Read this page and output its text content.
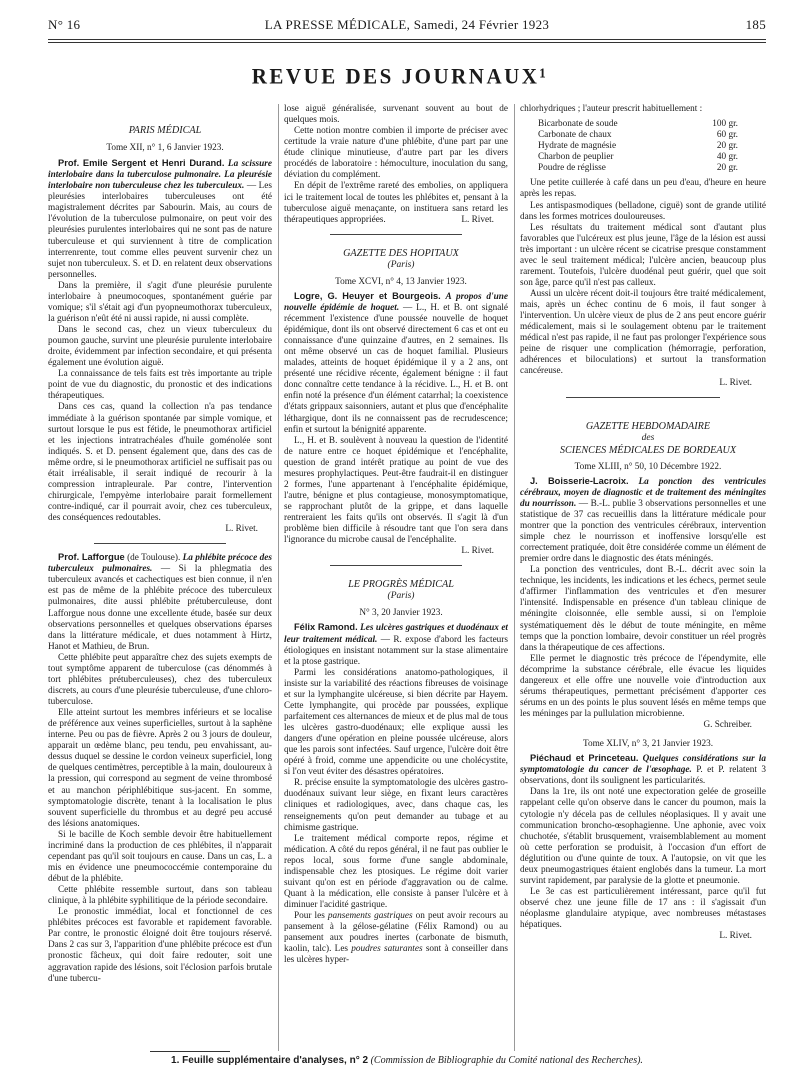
N° 16	LA PRESSE MÉDICALE, Samedi, 24 Février 1923	185
REVUE DES JOURNAUX¹

PARIS MÉDICAL

Tome XII, n° 1, 6 Janvier 1923.

Prof. Emile Sergent et Henri Durand. La scissure interlobaire dans la tuberculose pulmonaire. La pleurésie interlobaire non tuberculeuse chez les tuberculeux. — Les pleurésies interlobaires tuberculeuses ont été magistralement décrites par Sabourin. Mais, au cours de l'évolution de la tuberculose pulmonaire, on peut voir des pleurésies purulentes interlobaires qui ne sont pas de nature tuberculeuse et qui surviennent à titre de complication interrenrente, tout comme elles peuvent survenir chez un sujet non tuberculeux. S. et D. en relatent deux observations personnelles.

Dans la première, il s'agit d'une pleurésie purulente interlobaire à pneumocoques, spontanément guérie par vomique; s'il s'était agi d'un pyopneumothorax tuberculeux, la guérison n'eût été ni aussi rapide, ni aussi complète.

Dans le second cas, chez un vieux tuberculeux du poumon gauche, survint une pleurésie purulente interlobaire droite, évidemment par infection secondaire, et qui présenta également une évolution aiguë.

La connaissance de tels faits est très importante au triple point de vue du diagnostic, du pronostic et des indications thérapeutiques.

Dans ces cas, quand la collection n'a pas tendance immédiate à la guérison spontanée par simple vomique, et surtout lorsque le pus est fétide, le pneumothorax artificiel et les injections intratrachéales d'huile goménolée sont indiqués. S. et D. pensent également que, dans des cas de même ordre, si le pneumothorax artificiel ne suffisait pas ou était irréalisable, il serait indiqué de recourir à la compression intrapleurale. Par contre, l'intervention chirurgicale, l'empyème interlobaire parait formellement contre-indiqué, car il pourrait avoir, chez ces tuberculeux, des conséquences redoutables.

L. Rivet.

Prof. Lafforgue (de Toulouse). La phlébite précoce des tuberculeux pulmonaires. — Si la phlegmatia des tuberculeux avancés et cachectiques est bien connue, il n'en est pas de même de la phlébite précoce des tuberculeux pulmonaires, dite aussi phlébite prétuberculeuse, dont Lafforgue nous donne une excellente étude, basée sur deux observations personnelles et quelques observations éparses dans la littérature médicale, et dues notamment à Hirtz, Hanot et Mathieu, de Brun.

Cette phlébite peut apparaître chez des sujets exempts de tout symptôme apparent de tuberculose (cas dénommés à tort phlébites prétuberculeuses), chez des tuberculeux discrets, au cours d'une pleurésie tuberculeuse, d'une chloro-tuberculose.

Elle atteint surtout les membres inférieurs et se localise de préférence aux veines superficielles, surtout à la saphène interne. Peu ou pas de fièvre. Après 2 ou 3 jours de douleur, apparait un œdème blanc, peu tendu, peu envahissant, au-dessus duquel se dessine le cordon veineux superficiel, long de quelques centimètres, perceptible à la main, douloureux à la pression, qui correspond au segment de veine thrombosé et au manchon périphlébitique sus-jacent. En somme, symptomatologie discrète, tenant à la localisation le plus souvent superficielle du thrombus et au degré peu accusé des lésions anatomiques.

Si le bacille de Koch semble devoir être habituellement incriminé dans la production de ces phlébites, il n'apparait cependant pas qu'il soit toujours en cause. Dans un cas, L. a mis en évidence une pneumococcémie contemporaine du début de la phlébite.

Cette phlébite ressemble surtout, dans son tableau clinique, à la phlébite syphilitique de la période secondaire.

Le pronostic immédiat, local et fonctionnel de ces phlébites précoces est favorable et rapidement favorable. Par contre, le pronostic éloigné doit être toujours réservé. Dans 2 cas sur 3, l'apparition d'une phlébite précoce est d'un pronostic fâcheux, qui doit faire redouter, soit une aggravation rapide des lésions, soit l'éclosion parfois brutale d'une tubercu-

lose aiguë généralisée, survenant souvent au bout de quelques mois.

Cette notion montre combien il importe de préciser avec certitude la vraie nature d'une phlébite, d'une part par une étude clinique minutieuse, d'autre part par les divers procédés de laboratoire : hémoculture, inoculation du sang, déviation du complément.

En dépit de l'extrême rareté des embolies, on appliquera ici le traitement local de toutes les phlébites et, pensant à la tuberculose aiguë menaçante, on instituera sans retard les thérapeutiques appropriées.	L. Rivet.

GAZETTE DES HOPITAUX

(Paris)

Tome XCVI, n° 4, 13 Janvier 1923.

Logre, G. Heuyer et Bourgeois. A propos d'une nouvelle épidémie de hoquet. — L., H. et B. ont signalé récemment l'existence d'une poussée nouvelle de hoquet épidémique, dont ils ont observé directement 6 cas et ont eu connaissance d'une quinzaine d'autres, en 2 semaines. Ils ont même observé un cas de hoquet familial. Plusieurs malades, atteints de hoquet épidémique il y a 2 ans, ont présenté une récidive récente, également bénigne : il faut donc connaître cette tendance à la récidive. L., H. et B. ont enfin noté la présence d'un élément catarrhal; la coexistence d'états grippaux saisonniers, autant et plus que d'encéphalite léthargique, dont ils ne connaissent pas de recrudescence; enfin et surtout la bénignité apparente.

L., H. et B. soulèvent à nouveau la question de l'identité de nature entre ce hoquet épidémique et l'encéphalite, question de grand intérêt pratique au point de vue des mesures prophylactiques. Peut-être faudrait-il en distinguer 2 formes, l'une appartenant à l'encéphalite épidémique, l'autre, bénigne et plus contagieuse, monosymptomatique, se rapprochant plutôt de la grippe, et dans laquelle rentreraient les faits qu'ils ont observés. Il s'agit là d'un problème bien difficile à résoudre tant que l'on sera dans l'ignorance du microbe causal de l'encéphalite.

L. Rivet.

LE PROGRÈS MÉDICAL

(Paris)

N° 3, 20 Janvier 1923.

Félix Ramond. Les ulcères gastriques et duodénaux et leur traitement médical. — R. expose d'abord les facteurs étiologiques en insistant notamment sur la stase alimentaire et la ptose gastrique.

Parmi les considérations anatomo-pathologiques, il insiste sur la variabilité des réactions fibreuses de voisinage et sur la lymphangite ulcéreuse, si bien décrite par Hayem. Cette lymphangite, qui procède par poussées, explique parfaitement ces alternances de mieux et de plus mal de tous les ulcères gastro-duodénaux; elle explique aussi les dangers d'une opération en pleine poussée ulcéreuse, alors que les parois sont infectées. Sauf urgence, l'ulcère doit être opéré à froid, comme une appendicite ou une cholécystite, si l'on veut éviter des désastres opératoires.

R. précise ensuite la symptomatologie des ulcères gastro-duodénaux suivant leur siège, en fixant leurs caractères cliniques et radiologiques, avec, dans chaque cas, les renseignements qu'on peut demander au tubage et au chimisme gastrique.

Le traitement médical comporte repos, régime et médication. A côté du repos général, il ne faut pas oublier le repos local, sous forme d'une sangle abdominale, indispensable chez les ptosiques. Le régime doit varier suivant qu'on est en période d'aggravation ou de calme. Quant à la médication, elle consiste à panser l'ulcère et à diminuer l'acidité gastrique.

Pour les pansements gastriques on peut avoir recours au pansement à la gélose-gélatine (Félix Ramond) ou au pansement aux poudres inertes (carbonate de bismuth, kaolin, talc). Les poudres saturantes sont à conseiller dans les ulcères hyper-

chlorhydriques ; l'auteur prescrit habituellement :

Bicarbonate de soude	100 gr.
Carbonate de chaux	60 gr.
Hydrate de magnésie	20 gr.
Charbon de peuplier	40 gr.
Poudre de réglisse	20 gr.

Une petite cuillerée à café dans un peu d'eau, d'heure en heure après les repas.

Les antispasmodiques (belladone, ciguë) sont de grande utilité dans les formes motrices douloureuses.

Les résultats du traitement médical sont d'autant plus favorables que l'ulcéreux est plus jeune, l'âge de la lésion est aussi très important : un ulcère récent se cicatrise presque constamment avec le seul traitement médical; l'ulcère ancien, beaucoup plus rarement. Toutefois, l'ulcère duodénal peut guérir, quel que soit son âge, parce qu'il n'est pas calleux.

Aussi un ulcère récent doit-il toujours être traité médicalement, mais, après un échec continu de 6 mois, il faut songer à l'intervention. Un ulcère vieux de plus de 2 ans peut encore guérir médicalement, mais si le soulagement obtenu par le traitement médical n'est pas rapide, il ne faut pas prolonger l'expérience sous peine de risquer une complication (hémorragie, perforation, adhérences et biloculations) et surtout la transformation cancéreuse.

L. Rivet.

GAZETTE HEBDOMADAIRE

des

SCIENCES MÉDICALES DE BORDEAUX

Tome XLIII, n° 50, 10 Décembre 1922.

J. Boisserie-Lacroix. La ponction des ventricules cérébraux, moyen de diagnostic et de traitement des méningites du nourrisson. — B.-L. publie 3 observations personnelles et une statistique de 37 cas recueillis dans la littérature médicale pour montrer que la ponction des ventricules cérébraux, intervention simple chez le nourrisson et inoffensive lorsqu'elle est correctement pratiquée, doit être considérée comme un élément de premier ordre dans le diagnostic des états méningés.

La ponction des ventricules, dont B.-L. décrit avec soin la technique, les incidents, les indications et les échecs, permet seule d'affirmer l'inflammation des ventricules et d'en mesurer l'intensité. Indispensable en présence d'un tableau clinique de méningite cloisonnée, elle semble aussi, si on l'emploie systématiquement dès le début de toute méningite, en même temps que la ponction lombaire, devoir constituer un réel progrès dans la thérapeutique de ces affections.

Elle permet le diagnostic très précoce de l'épendymite, elle décomprime la substance cérébrale, elle évacue les liquides dangereux et elle offre une nouvelle voie d'introduction aux sérums thérapeutiques, permettant précisément d'apporter ces sérums en un des points le plus souvent lésés en même temps que les méninges par la pullulation microbienne.

G. Schreiber.

Tome XLIV, n° 3, 21 Janvier 1923.

Piéchaud et Princeteau. Quelques considérations sur la symptomatologie du cancer de l'œsophage. P. et P. relatent 3 observations, dont ils soulignent les particularités.

Dans la 1re, ils ont noté une expectoration gelée de groseille rappelant celle qu'on observe dans le cancer du poumon, mais la cytologie n'y décela pas de cellules néoplasiques. Il y avait une communication broncho-œsophagienne. Une aphonie, avec voix chuchotée, s'établit brusquement, vraisemblablement au moment où cette perforation se produisit, à l'occasion d'un effort de déglutition ou d'une quinte de toux. A l'autopsie, on vit que les deux pneumogastriques étaient englobés dans la tumeur. La mort survint rapidement, par paralysie de la glotte et pneumonie.

Le 3e cas est particulièrement intéressant, parce qu'il fut observé chez une jeune fille de 17 ans : il s'agissait d'un néoplasme glandulaire atypique, avec nombreuses métastases hépatiques.

L. Rivet.

1. Feuille supplémentaire d'analyses, n° 2 (Commission de Bibliographie du Comité national des Recherches).
